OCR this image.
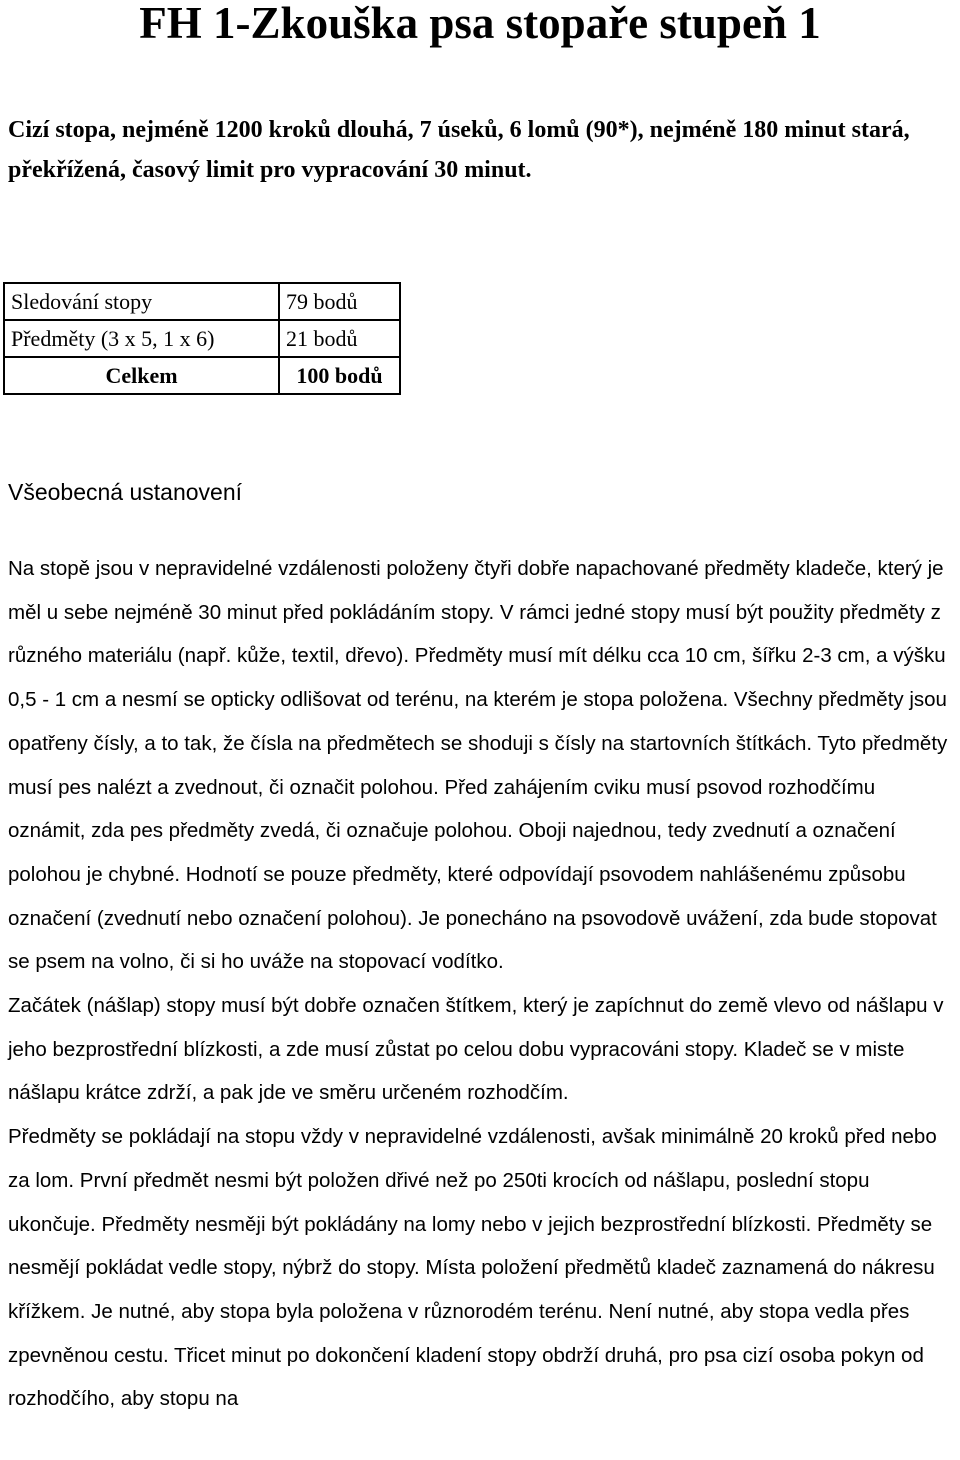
FH 1-Zkouška psa stopaře stupeň 1

Cizí stopa, nejméně 1200 kroků dlouhá, 7 úseků, 6 lomů (90*), nejméně 180 minut stará, překřížená, časový limit pro vypracování 30 minut.

Sledování stopy	79 bodů
Předměty (3 x 5, 1 x 6)	21 bodů
Celkem	100 bodů
Všeobecná ustanovení

Na stopě jsou v nepravidelné vzdálenosti položeny čtyři dobře napachované předměty kladeče, který je měl u sebe nejméně 30 minut před pokládáním stopy. V rámci jedné stopy musí být použity předměty z různého materiálu (např. kůže, textil, dřevo). Předměty musí mít délku cca 10 cm, šířku 2-3 cm, a výšku 0,5 - 1 cm a nesmí se opticky odlišovat od terénu, na kterém je stopa položena. Všechny předměty jsou opatřeny čísly, a to tak, že čísla na předmětech se shoduji s čísly na startovních štítkách. Tyto předměty musí pes nalézt a zvednout, či označit polohou. Před zahájením cviku musí psovod rozhodčímu oznámit, zda pes předměty zvedá, či označuje polohou. Oboji najednou, tedy zvednutí a označení polohou je chybné. Hodnotí se pouze předměty, které odpovídají psovodem nahlášenému způsobu označení (zvednutí nebo označení polohou). Je ponecháno na psovodově uvážení, zda bude stopovat se psem na volno, či si ho uváže na stopovací vodítko.

Začátek (nášlap) stopy musí být dobře označen štítkem, který je zapíchnut do země vlevo od nášlapu v jeho bezprostřední blízkosti, a zde musí zůstat po celou dobu vypracováni stopy. Kladeč se v miste nášlapu krátce zdrží, a pak jde ve směru určeném rozhodčím.

Předměty se pokládají na stopu vždy v nepravidelné vzdálenosti, avšak minimálně 20 kroků před nebo za lom. První předmět nesmi být položen dřivé než po 250ti krocích od nášlapu, poslední stopu ukončuje. Předměty nesměji být pokládány na lomy nebo v jejich bezprostřední blízkosti. Předměty se nesmějí pokládat vedle stopy, nýbrž do stopy. Místa položení předmětů kladeč zaznamená do nákresu křížkem. Je nutné, aby stopa byla položena v různorodém terénu. Není nutné, aby stopa vedla přes zpevněnou cestu. Třicet minut po dokončení kladení stopy obdrží druhá, pro psa cizí osoba pokyn od rozhodčího, aby stopu na
